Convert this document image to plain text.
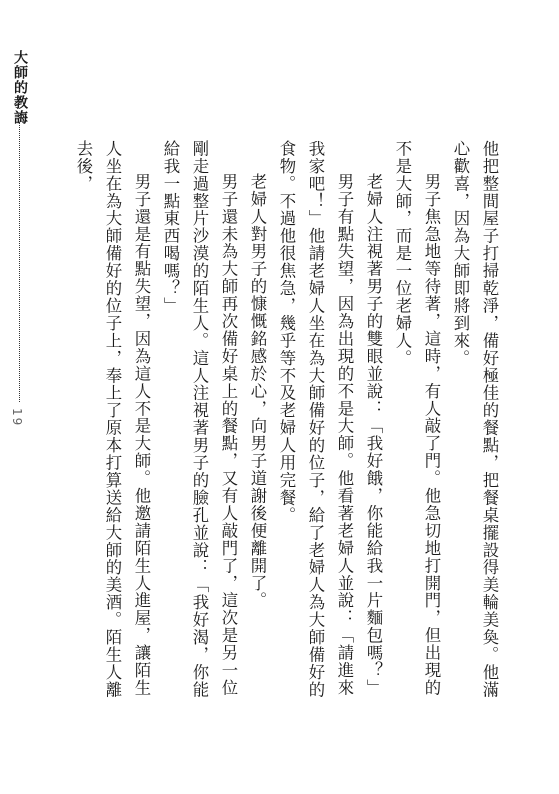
大師的教誨
19	他把整間屋子打掃乾淨，備好極佳的餐點，把餐桌擺設得美輪美奐。他滿心歡喜，因為大師即將到來。

男子焦急地等待著，這時，有人敲了門。他急切地打開門，但出現的不是大師，而是一位老婦人。

老婦人注視著男子的雙眼並說：「我好餓，你能給我一片麵包嗎？」

男子有點失望，因為出現的不是大師。他看著老婦人並說：「請進來我家吧！」他請老婦人坐在為大師備好的位子，給了老婦人為大師備好的食物。不過他很焦急，幾乎等不及老婦人用完餐。

老婦人對男子的慷慨銘感於心，向男子道謝後便離開了。

男子還未為大師再次備好桌上的餐點，又有人敲門了，這次是另一位剛走過整片沙漠的陌生人。這人注視著男子的臉孔並說：「我好渴，你能給我一點東西喝嗎？」

男子還是有點失望，因為這人不是大師。他邀請陌生人進屋，讓陌生人坐在為大師備好的位子上，奉上了原本打算送給大師的美酒。陌生人離去後，
